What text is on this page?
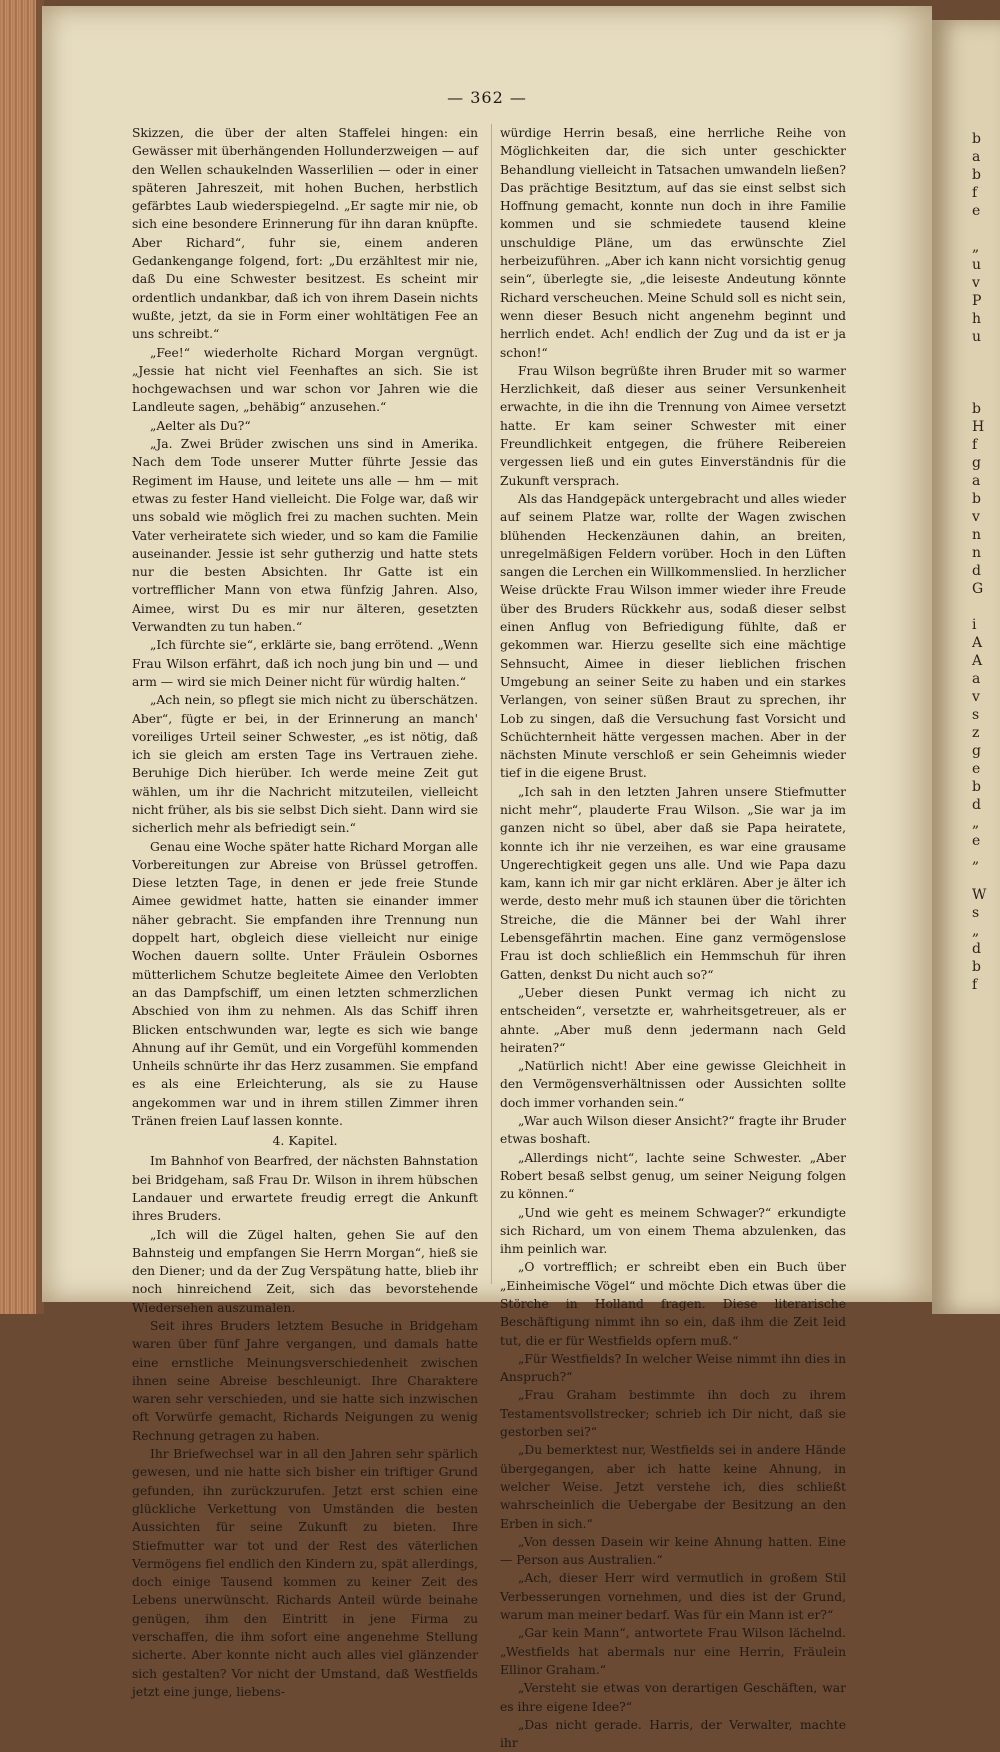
— 362 —

Skizzen, die über der alten Staffelei hingen: ein Gewässer mit überhängenden Hollunderzweigen — auf den Wellen schaukelnden Wasserlilien — oder in einer späteren Jahreszeit, mit hohen Buchen, herbstlich gefärbtes Laub wiederspiegelnd. „Er sagte mir nie, ob sich eine besondere Erinnerung für ihn daran knüpfte. Aber Richard“, fuhr sie, einem anderen Gedankengange folgend, fort: „Du erzähltest mir nie, daß Du eine Schwester besitzest. Es scheint mir ordentlich undankbar, daß ich von ihrem Dasein nichts wußte, jetzt, da sie in Form einer wohltätigen Fee an uns schreibt.“

„Fee!“ wiederholte Richard Morgan vergnügt. „Jessie hat nicht viel Feenhaftes an sich. Sie ist hochgewachsen und war schon vor Jahren wie die Landleute sagen, „behäbig“ anzusehen.“

„Aelter als Du?“

„Ja. Zwei Brüder zwischen uns sind in Amerika. Nach dem Tode unserer Mutter führte Jessie das Regiment im Hause, und leitete uns alle — hm — mit etwas zu fester Hand vielleicht. Die Folge war, daß wir uns sobald wie möglich frei zu machen suchten. Mein Vater verheiratete sich wieder, und so kam die Familie auseinander. Jessie ist sehr gutherzig und hatte stets nur die besten Absichten. Ihr Gatte ist ein vortrefflicher Mann von etwa fünfzig Jahren. Also, Aimee, wirst Du es mir nur älteren, gesetzten Verwandten zu tun haben.“

„Ich fürchte sie“, erklärte sie, bang errötend. „Wenn Frau Wilson erfährt, daß ich noch jung bin und — und arm — wird sie mich Deiner nicht für würdig halten.“

„Ach nein, so pflegt sie mich nicht zu überschätzen. Aber“, fügte er bei, in der Erinnerung an manch' voreiliges Urteil seiner Schwester, „es ist nötig, daß ich sie gleich am ersten Tage ins Vertrauen ziehe. Beruhige Dich hierüber. Ich werde meine Zeit gut wählen, um ihr die Nachricht mitzuteilen, vielleicht nicht früher, als bis sie selbst Dich sieht. Dann wird sie sicherlich mehr als befriedigt sein.“

Genau eine Woche später hatte Richard Morgan alle Vorbereitungen zur Abreise von Brüssel getroffen. Diese letzten Tage, in denen er jede freie Stunde Aimee gewidmet hatte, hatten sie einander immer näher gebracht. Sie empfanden ihre Trennung nun doppelt hart, obgleich diese vielleicht nur einige Wochen dauern sollte. Unter Fräulein Osbornes mütterlichem Schutze begleitete Aimee den Verlobten an das Dampfschiff, um einen letzten schmerzlichen Abschied von ihm zu nehmen. Als das Schiff ihren Blicken entschwunden war, legte es sich wie bange Ahnung auf ihr Gemüt, und ein Vorgefühl kommenden Unheils schnürte ihr das Herz zusammen. Sie empfand es als eine Erleichterung, als sie zu Hause angekommen war und in ihrem stillen Zimmer ihren Tränen freien Lauf lassen konnte.

4. Kapitel.

Im Bahnhof von Bearfred, der nächsten Bahnstation bei Bridgeham, saß Frau Dr. Wilson in ihrem hübschen Landauer und erwartete freudig erregt die Ankunft ihres Bruders.

„Ich will die Zügel halten, gehen Sie auf den Bahnsteig und empfangen Sie Herrn Morgan“, hieß sie den Diener; und da der Zug Verspätung hatte, blieb ihr noch hinreichend Zeit, sich das bevorstehende Wiedersehen auszumalen.

Seit ihres Bruders letztem Besuche in Bridgeham waren über fünf Jahre vergangen, und damals hatte eine ernstliche Meinungsverschiedenheit zwischen ihnen seine Abreise beschleunigt. Ihre Charaktere waren sehr verschieden, und sie hatte sich inzwischen oft Vorwürfe gemacht, Richards Neigungen zu wenig Rechnung getragen zu haben.

Ihr Briefwechsel war in all den Jahren sehr spärlich gewesen, und nie hatte sich bisher ein triftiger Grund gefunden, ihn zurückzurufen. Jetzt erst schien eine glückliche Verkettung von Umständen die besten Aussichten für seine Zukunft zu bieten. Ihre Stiefmutter war tot und der Rest des väterlichen Vermögens fiel endlich den Kindern zu, spät allerdings, doch einige Tausend kommen zu keiner Zeit des Lebens unerwünscht. Richards Anteil würde beinahe genügen, ihm den Eintritt in jene Firma zu verschaffen, die ihm sofort eine angenehme Stellung sicherte. Aber konnte nicht auch alles viel glänzender sich gestalten? Vor nicht der Umstand, daß Westfields jetzt eine junge, liebens-

würdige Herrin besaß, eine herrliche Reihe von Möglichkeiten dar, die sich unter geschickter Behandlung vielleicht in Tatsachen umwandeln ließen? Das prächtige Besitztum, auf das sie einst selbst sich Hoffnung gemacht, konnte nun doch in ihre Familie kommen und sie schmiedete tausend kleine unschuldige Pläne, um das erwünschte Ziel herbeizuführen. „Aber ich kann nicht vorsichtig genug sein“, überlegte sie, „die leiseste Andeutung könnte Richard verscheuchen. Meine Schuld soll es nicht sein, wenn dieser Besuch nicht angenehm beginnt und herrlich endet. Ach! endlich der Zug und da ist er ja schon!“

Frau Wilson begrüßte ihren Bruder mit so warmer Herzlichkeit, daß dieser aus seiner Versunkenheit erwachte, in die ihn die Trennung von Aimee versetzt hatte. Er kam seiner Schwester mit einer Freundlichkeit entgegen, die frühere Reibereien vergessen ließ und ein gutes Einverständnis für die Zukunft versprach.

Als das Handgepäck untergebracht und alles wieder auf seinem Platze war, rollte der Wagen zwischen blühenden Heckenzäunen dahin, an breiten, unregelmäßigen Feldern vorüber. Hoch in den Lüften sangen die Lerchen ein Willkommenslied. In herzlicher Weise drückte Frau Wilson immer wieder ihre Freude über des Bruders Rückkehr aus, sodaß dieser selbst einen Anflug von Befriedigung fühlte, daß er gekommen war. Hierzu gesellte sich eine mächtige Sehnsucht, Aimee in dieser lieblichen frischen Umgebung an seiner Seite zu haben und ein starkes Verlangen, von seiner süßen Braut zu sprechen, ihr Lob zu singen, daß die Versuchung fast Vorsicht und Schüchternheit hätte vergessen machen. Aber in der nächsten Minute verschloß er sein Geheimnis wieder tief in die eigene Brust.

„Ich sah in den letzten Jahren unsere Stiefmutter nicht mehr“, plauderte Frau Wilson. „Sie war ja im ganzen nicht so übel, aber daß sie Papa heiratete, konnte ich ihr nie verzeihen, es war eine grausame Ungerechtigkeit gegen uns alle. Und wie Papa dazu kam, kann ich mir gar nicht erklären. Aber je älter ich werde, desto mehr muß ich staunen über die törichten Streiche, die die Männer bei der Wahl ihrer Lebensgefährtin machen. Eine ganz vermögenslose Frau ist doch schließlich ein Hemmschuh für ihren Gatten, denkst Du nicht auch so?“

„Ueber diesen Punkt vermag ich nicht zu entscheiden“, versetzte er, wahrheitsgetreuer, als er ahnte. „Aber muß denn jedermann nach Geld heiraten?“

„Natürlich nicht! Aber eine gewisse Gleichheit in den Vermögensverhältnissen oder Aussichten sollte doch immer vorhanden sein.“

„War auch Wilson dieser Ansicht?“ fragte ihr Bruder etwas boshaft.

„Allerdings nicht“, lachte seine Schwester. „Aber Robert besaß selbst genug, um seiner Neigung folgen zu können.“

„Und wie geht es meinem Schwager?“ erkundigte sich Richard, um von einem Thema abzulenken, das ihm peinlich war.

„O vortrefflich; er schreibt eben ein Buch über „Einheimische Vögel“ und möchte Dich etwas über die Störche in Holland fragen. Diese literarische Beschäftigung nimmt ihn so ein, daß ihm die Zeit leid tut, die er für Westfields opfern muß.“

„Für Westfields? In welcher Weise nimmt ihn dies in Anspruch?“

„Frau Graham bestimmte ihn doch zu ihrem Testamentsvollstrecker; schrieb ich Dir nicht, daß sie gestorben sei?“

„Du bemerktest nur, Westfields sei in andere Hände übergegangen, aber ich hatte keine Ahnung, in welcher Weise. Jetzt verstehe ich, dies schließt wahrscheinlich die Uebergabe der Besitzung an den Erben in sich.“

„Von dessen Dasein wir keine Ahnung hatten. Eine — Person aus Australien.“

„Ach, dieser Herr wird vermutlich in großem Stil Verbesserungen vornehmen, und dies ist der Grund, warum man meiner bedarf. Was für ein Mann ist er?“

„Gar kein Mann“, antwortete Frau Wilson lächelnd. „Westfields hat abermals nur eine Herrin, Fräulein Ellinor Graham.“

„Versteht sie etwas von derartigen Geschäften, war es ihre eigene Idee?“

„Das nicht gerade. Harris, der Verwalter, machte ihr

b
a
b
f
e

„
u
v
P
h
u

b
H
f
g
a
b
v
n
n
d
G

i
A
A
a
v
s
z
g
e
b
d
„
e
„

W
s
„
d
b
f
